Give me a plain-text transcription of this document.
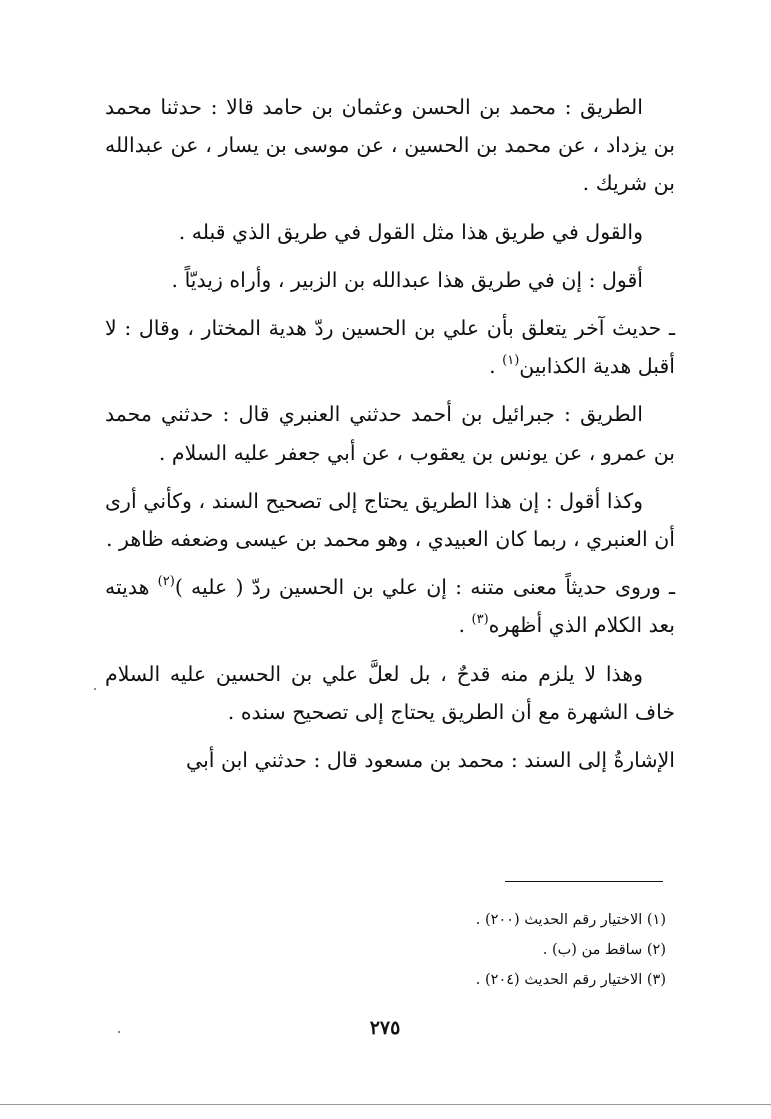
الطريق : محمد بن الحسن وعثمان بن حامد قالا : حدثنا محمد بن يزداد ، عن محمد بن الحسين ، عن موسى بن يسار ، عن عبدالله بن شريك .

والقول في طريق هذا مثل القول في طريق الذي قبله .

أقول : إن في طريق هذا عبدالله بن الزبير ، وأراه زيديّاً .

ـ حديث آخر يتعلق بأن علي بن الحسين ردّ هدية المختار ، وقال : لا أقبل هدية الكذابين$^{(١)}$ .

الطريق : جبرائيل بن أحمد حدثني العنبري قال : حدثني محمد بن عمرو ، عن يونس بن يعقوب ، عن أبي جعفر عليه السلام .

وكذا أقول : إن هذا الطريق يحتاج إلى تصحيح السند ، وكأني أرى أن العنبري ، ربما كان العبيدي ، وهو محمد بن عيسى وضعفه ظاهر .

ـ وروى حديثاً معنى متنه : إن علي بن الحسين ردّ ( عليه )$^{(٢)}$ هديته بعد الكلام الذي أظهره$^{(٣)}$ .

وهذا لا يلزم منه قدحٌ ، بل لعلَّ علي بن الحسين عليه السلام خاف الشهرة مع أن الطريق يحتاج إلى تصحيح سنده .

الإشارةُ إلى السند : محمد بن مسعود قال : حدثني ابن أبي

(١) الاختيار رقم الحديث (٢٠٠) .

(٢) ساقط من (ب) .

(٣) الاختيار رقم الحديث (٢٠٤) .

٢٧٥
